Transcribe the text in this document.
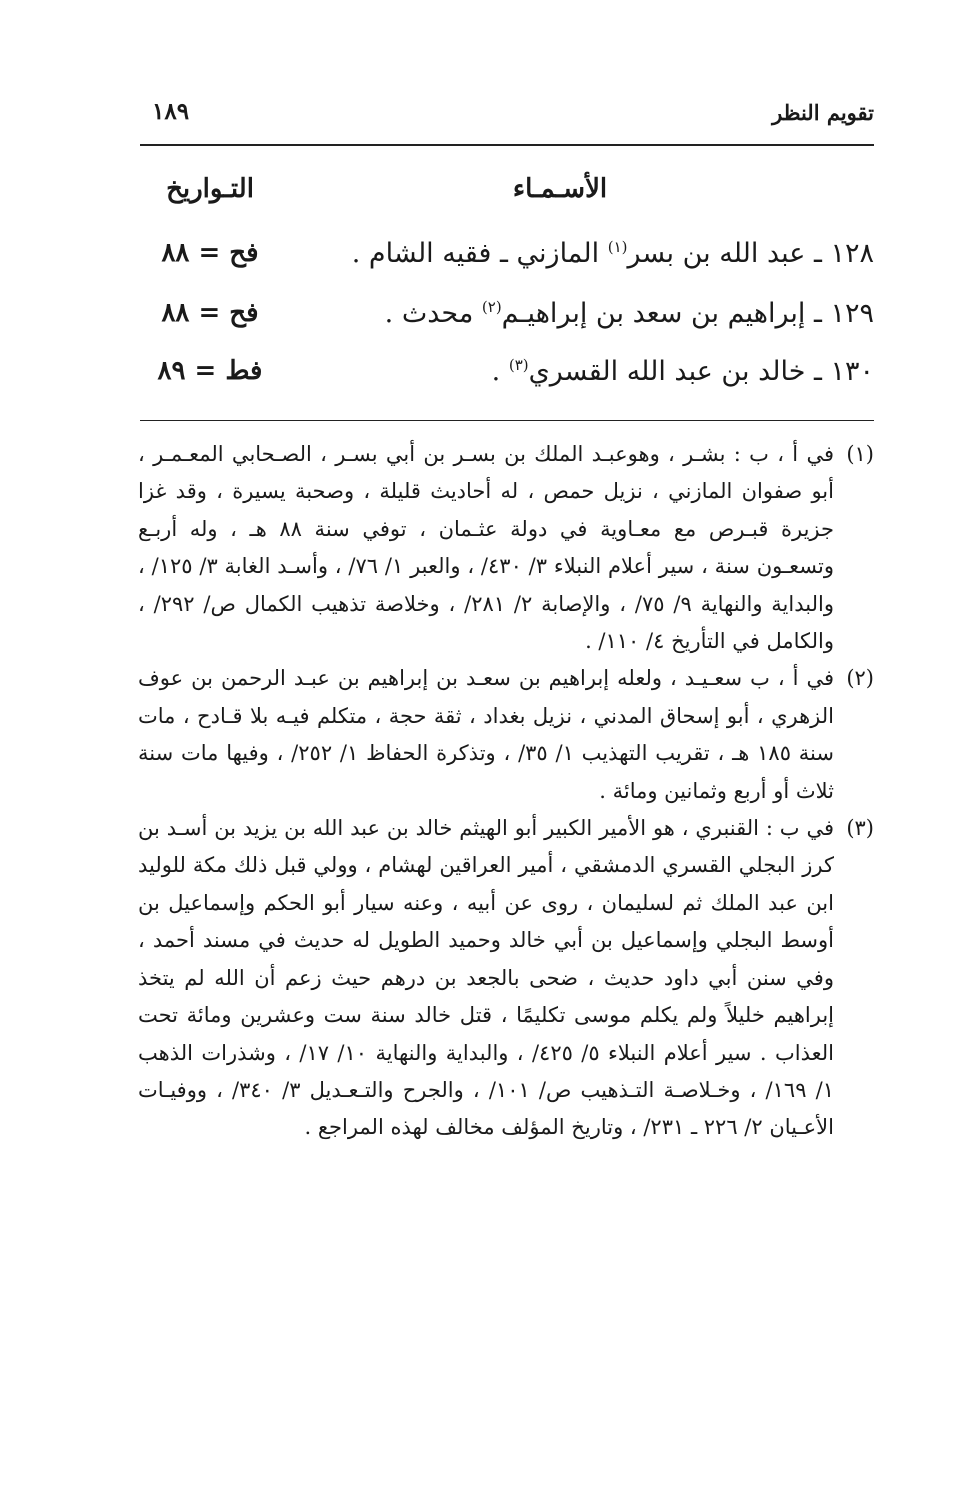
تقويم النظر
١٨٩
الأسـمـاء
التـواريخ
١٢٨ ـ عبد الله بن بسر$^{(١)}$ المازني ـ فقيه الشام .
فح = ٨٨
١٢٩ ـ إبراهيم بن سعد بن إبراهيـم$^{(٢)}$ محدث .
فح = ٨٨
١٣٠ ـ خالد بن عبد الله القسري$^{(٣)}$ .
فط = ٨٩

(١)
في أ ، ب : بشـر ، وهوعبـد الملك بن بسـر بن أبي بسـر ، الصـحابي المعـمـر ، أبو صفوان المازني ، نزيل حمص ، له أحاديث قليلة ، وصحبة يسيرة ، وقد غزا جزيرة قبـرص مع معـاوية في دولة عثـمان ، توفي سنة ٨٨ هـ ، وله أربـع وتسعـون سنة ، سير أعلام النبلاء ٣/ ٤٣٠/ ، والعبر ١/ ٧٦/ ، وأسـد الغابة ٣/ ١٢٥/ ، والبداية والنهاية ٩/ ٧٥/ ، والإصابة ٢/ ٢٨١/ ، وخلاصة تذهيب الكمال ص/ ٢٩٢/ ، والكامل في التأريخ ٤/ ١١٠/ .

(٢)
في أ ، ب سعـيـد ، ولعله إبراهيم بن سعـد بن إبراهيم بن عبـد الرحمن بن عوف الزهري ، أبو إسحاق المدني ، نزيل بغداد ، ثقة حجة ، متكلم فيـه بلا قـادح ، مات سنة ١٨٥ هـ ، تقريب التهذيب ١/ ٣٥/ ، وتذكرة الحفاظ ١/ ٢٥٢/ ، وفيها مات سنة ثلاث أو أربع وثمانين ومائة .

(٣)
في ب : القنبري ، هو الأمير الكبير أبو الهيثم خالد بن عبد الله بن يزيد بن أسـد بن كرز البجلي القسري الدمشقي ، أمير العراقين لهشام ، وولي قبل ذلك مكة للوليد ابن عبد الملك ثم لسليمان ، روى عن أبيه ، وعنه سيار أبو الحكم وإسماعيل بن أوسط البجلي وإسماعيل بن أبي خالد وحميد الطويل له حديث في مسند أحمد ، وفي سنن أبي داود حديث ، ضحى بالجعد بن درهم حيث زعم أن الله لم يتخذ إبراهيم خليلاً ولم يكلم موسى تكليمًا ، قتل خالد سنة ست وعشرين ومائة تحت العذاب . سير أعلام النبلاء ٥/ ٤٢٥/ ، والبداية والنهاية ١٠/ ١٧/ ، وشذرات الذهب ١/ ١٦٩/ ، وخـلاصـة التـذهيب ص/ ١٠١/ ، والجرح والتـعـديل ٣/ ٣٤٠/ ، ووفيـات الأعـيان ٢/ ٢٢٦ ـ ٢٣١/ ، وتاريخ المؤلف مخالف لهذه المراجع .
